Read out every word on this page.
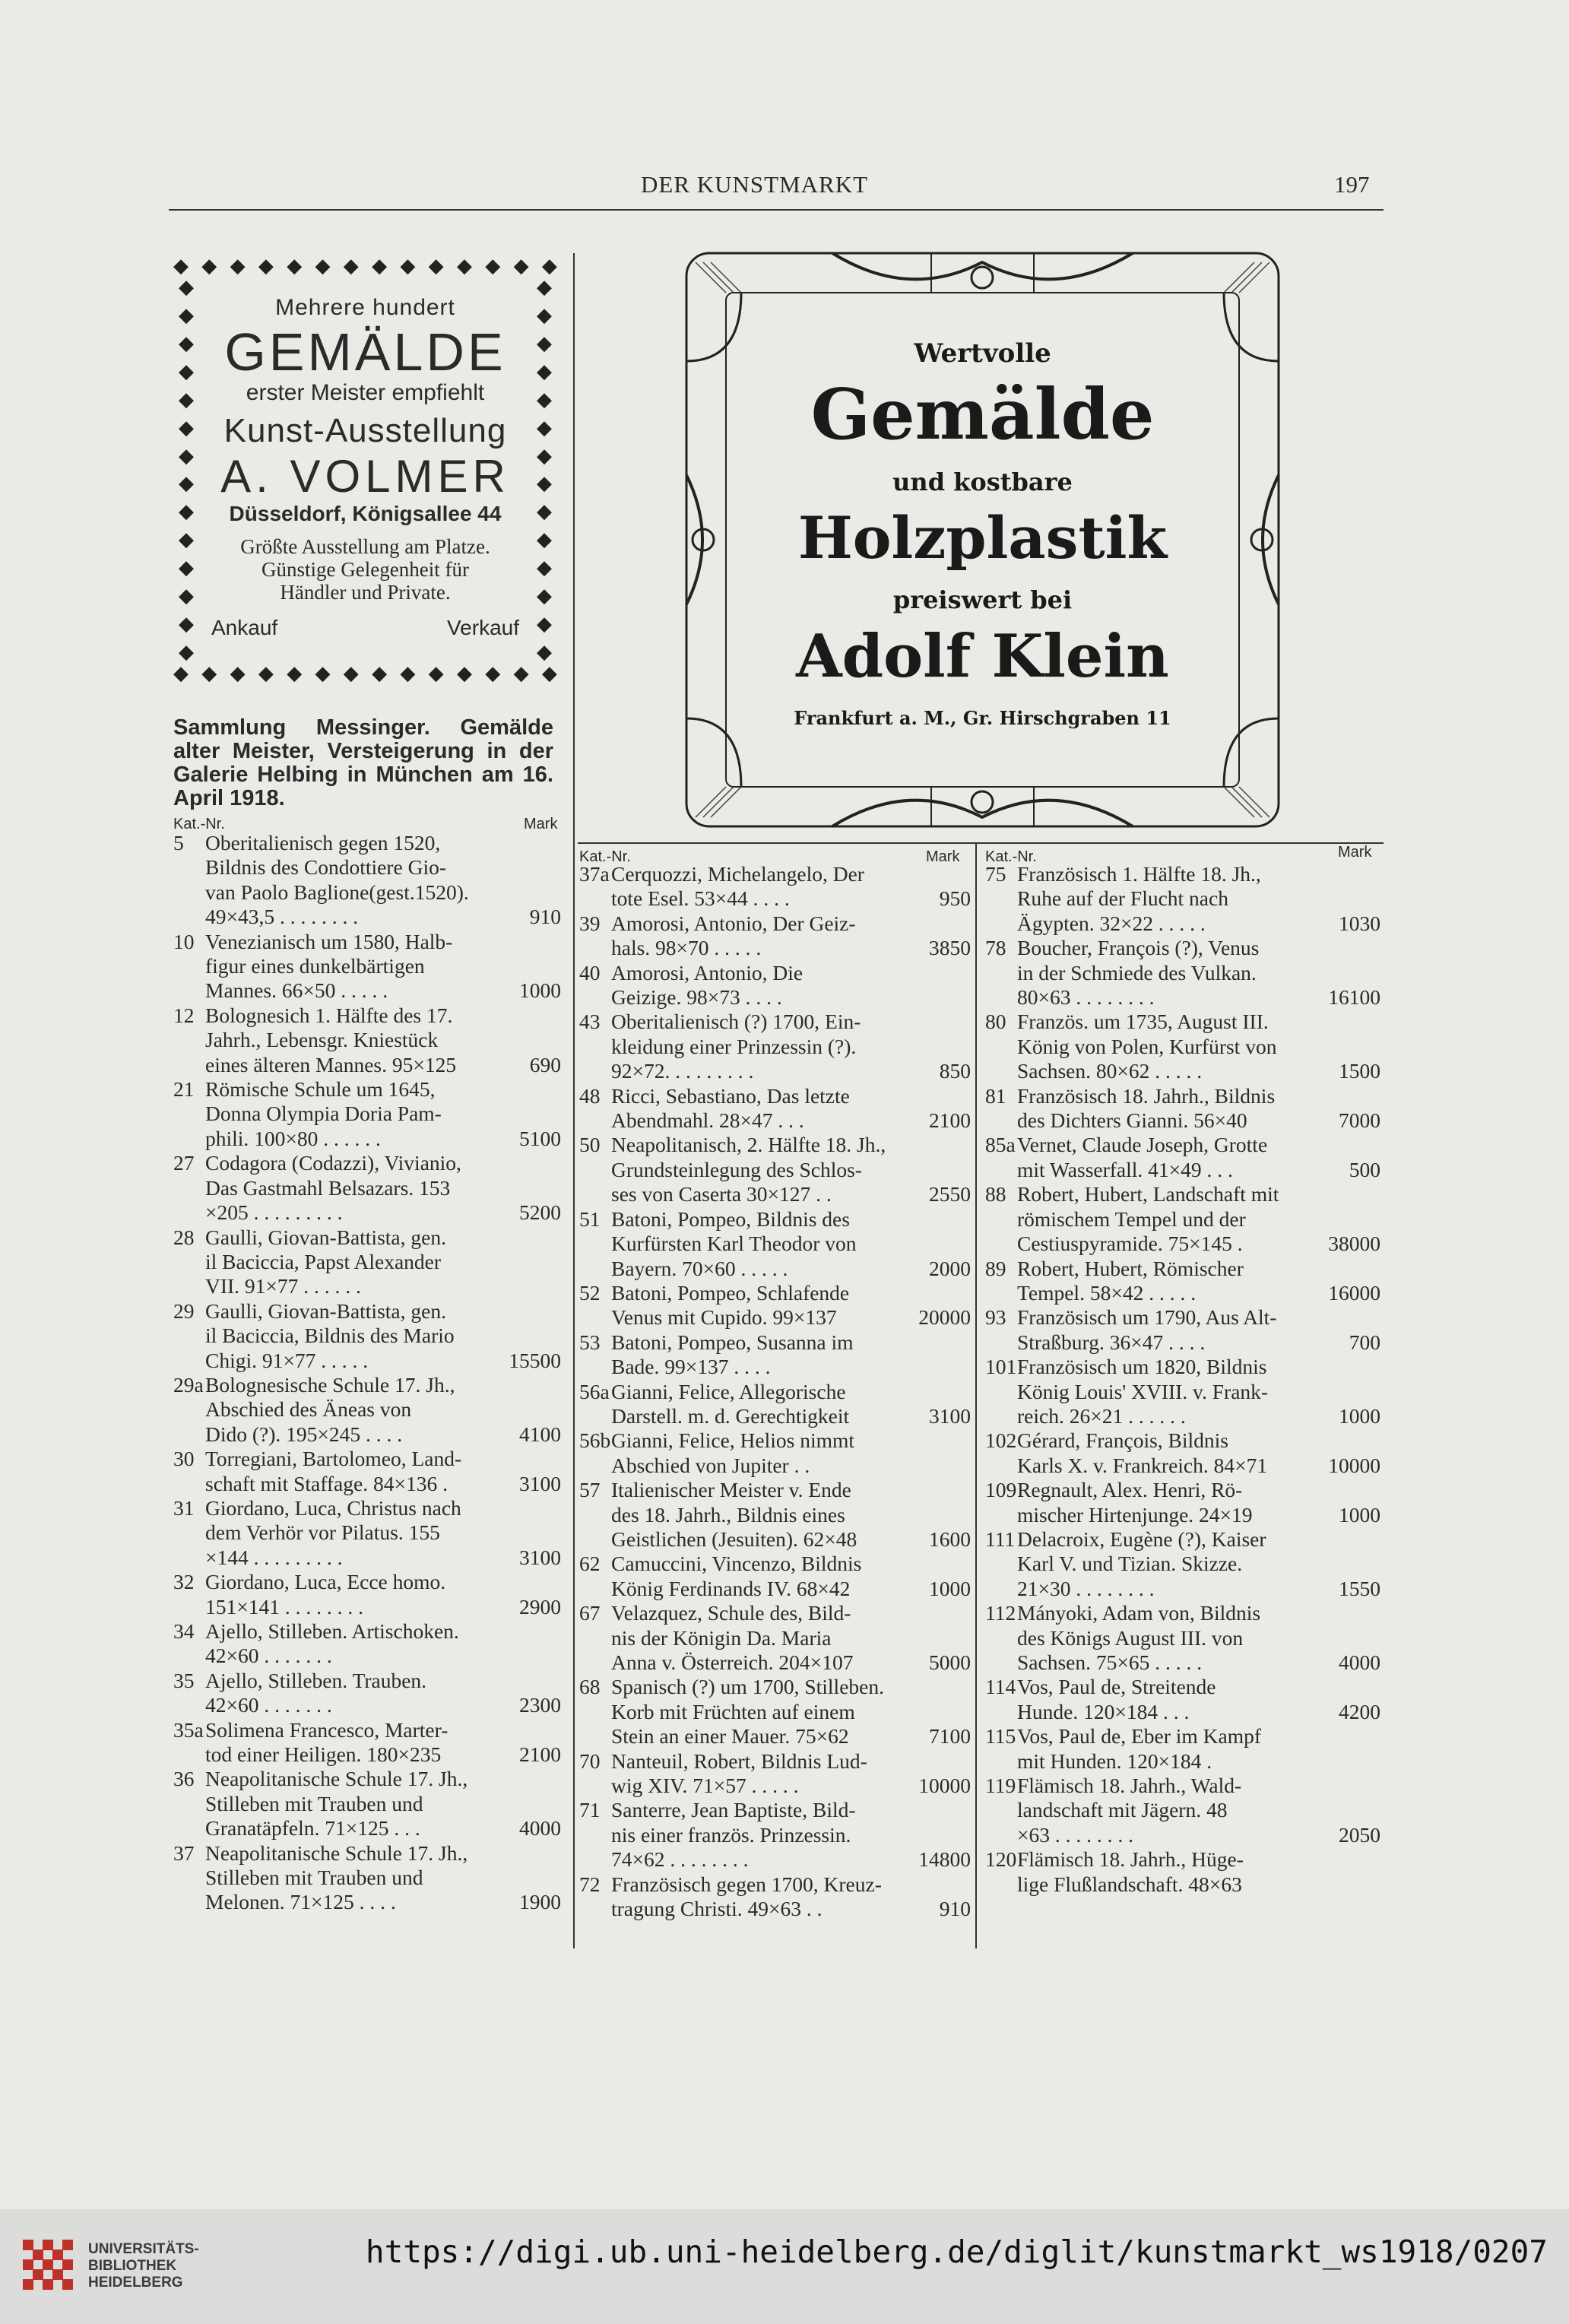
DER KUNSTMARKT	197
◆ ◆ ◆ ◆ ◆ ◆ ◆ ◆ ◆ ◆ ◆ ◆ ◆ ◆
◆ ◆ ◆ ◆ ◆ ◆ ◆ ◆ ◆ ◆ ◆ ◆ ◆ ◆
◆
◆
◆
◆
◆
◆
◆
◆
◆
◆
◆
◆
◆
◆
◆
◆
◆
◆
◆
◆
◆
◆
◆
◆
◆
◆
◆
◆
Mehrere hundert
GEMÄLDE
erster Meister empfiehlt
Kunst-Ausstellung
A. VOLMER
Düsseldorf, Königsallee 44
Größte Ausstellung am Platze.
Günstige Gelegenheit für
Händler und Private.
Ankauf	Verkauf
Wertvolle
Gemälde
und kostbare
Holzplastik
preiswert bei
Adolf Klein
Frankfurt a. M., Gr. Hirschgraben 11
Sammlung Messinger. Gemälde alter Meister, Versteigerung in der Galerie Helbing in München am 16. April 1918.
Kat.-Nr.	Mark
Kat.-Nr.	Mark Kat.-Nr.	Mark
5 Oberitalienisch gegen 1520,
Bildnis des Condottiere Gio-
van Paolo Baglione(gest.1520).
49×43,5 . . . . . . . .	910
10 Venezianisch um 1580, Halb-
figur eines dunkelbärtigen
Mannes. 66×50 . . . . .	1000
12 Bolognesich 1. Hälfte des 17.
Jahrh., Lebensgr. Kniestück
eines älteren Mannes. 95×125	690
21 Römische Schule um 1645,
Donna Olympia Doria Pam-
phili. 100×80 . . . . . .	5100
27 Codagora (Codazzi), Vivianio,
Das Gastmahl Belsazars. 153
×205 . . . . . . . . .	5200
28 Gaulli, Giovan-Battista, gen.
il Baciccia, Papst Alexander
VII. 91×77 . . . . . .
29 Gaulli, Giovan-Battista, gen.
il Baciccia, Bildnis des Mario
Chigi. 91×77 . . . . .	15500
29a Bolognesische Schule 17. Jh.,
Abschied des Äneas von
Dido (?). 195×245 . . . .	4100
30 Torregiani, Bartolomeo, Land-
schaft mit Staffage. 84×136 .	3100
31 Giordano, Luca, Christus nach
dem Verhör vor Pilatus. 155
×144 . . . . . . . . .	3100
32 Giordano, Luca, Ecce homo.
151×141 . . . . . . . .	2900
34 Ajello, Stilleben. Artischoken.
42×60 . . . . . . .
35 Ajello, Stilleben. Trauben.
42×60 . . . . . . .	2300
35a Solimena Francesco, Marter-
tod einer Heiligen. 180×235	2100
36 Neapolitanische Schule 17. Jh.,
Stilleben mit Trauben und
Granatäpfeln. 71×125 . . .	4000
37 Neapolitanische Schule 17. Jh.,
Stilleben mit Trauben und
Melonen. 71×125 . . . .	1900
37a Cerquozzi, Michelangelo, Der
tote Esel. 53×44 . . . .	950
39 Amorosi, Antonio, Der Geiz-
hals. 98×70 . . . . .	3850
40 Amorosi, Antonio, Die
Geizige. 98×73 . . . .
43 Oberitalienisch (?) 1700, Ein-
kleidung einer Prinzessin (?).
92×72. . . . . . . . .	850
48 Ricci, Sebastiano, Das letzte
Abendmahl. 28×47 . . .	2100
50 Neapolitanisch, 2. Hälfte 18. Jh.,
Grundsteinlegung des Schlos-
ses von Caserta 30×127 . .	2550
51 Batoni, Pompeo, Bildnis des
Kurfürsten Karl Theodor von
Bayern. 70×60 . . . . .	2000
52 Batoni, Pompeo, Schlafende
Venus mit Cupido. 99×137	20000
53 Batoni, Pompeo, Susanna im
Bade. 99×137 . . . .
56a Gianni, Felice, Allegorische
Darstell. m. d. Gerechtigkeit	3100
56b Gianni, Felice, Helios nimmt
Abschied von Jupiter . .
57 Italienischer Meister v. Ende
des 18. Jahrh., Bildnis eines
Geistlichen (Jesuiten). 62×48	1600
62 Camuccini, Vincenzo, Bildnis
König Ferdinands IV. 68×42	1000
67 Velazquez, Schule des, Bild-
nis der Königin Da. Maria
Anna v. Österreich. 204×107	5000
68 Spanisch (?) um 1700, Stilleben.
Korb mit Früchten auf einem
Stein an einer Mauer. 75×62	7100
70 Nanteuil, Robert, Bildnis Lud-
wig XIV. 71×57 . . . . .	10000
71 Santerre, Jean Baptiste, Bild-
nis einer französ. Prinzessin.
74×62 . . . . . . . .	14800
72 Französisch gegen 1700, Kreuz-
tragung Christi. 49×63 . .	910
75 Französisch 1. Hälfte 18. Jh.,
Ruhe auf der Flucht nach
Ägypten. 32×22 . . . . .	1030
78 Boucher, François (?), Venus
in der Schmiede des Vulkan.
80×63 . . . . . . . .	16100
80 Französ. um 1735, August III.
König von Polen, Kurfürst von
Sachsen. 80×62 . . . . .	1500
81 Französisch 18. Jahrh., Bildnis
des Dichters Gianni. 56×40	7000
85a Vernet, Claude Joseph, Grotte
mit Wasserfall. 41×49 . . .	500
88 Robert, Hubert, Landschaft mit
römischem Tempel und der
Cestiuspyramide. 75×145 .	38000
89 Robert, Hubert, Römischer
Tempel. 58×42 . . . . .	16000
93 Französisch um 1790, Aus Alt-
Straßburg. 36×47 . . . .	700
101 Französisch um 1820, Bildnis
König Louis' XVIII. v. Frank-
reich. 26×21 . . . . . .	1000
102 Gérard, François, Bildnis
Karls X. v. Frankreich. 84×71	10000
109 Regnault, Alex. Henri, Rö-
mischer Hirtenjunge. 24×19	1000
111 Delacroix, Eugène (?), Kaiser
Karl V. und Tizian. Skizze.
21×30 . . . . . . . .	1550
112 Mányoki, Adam von, Bildnis
des Königs August III. von
Sachsen. 75×65 . . . . .	4000
114 Vos, Paul de, Streitende
Hunde. 120×184 . . .	4200
115 Vos, Paul de, Eber im Kampf
mit Hunden. 120×184 .
119 Flämisch 18. Jahrh., Wald-
landschaft mit Jägern. 48
×63 . . . . . . . .	2050
120 Flämisch 18. Jahrh., Hüge-
lige Flußlandschaft. 48×63
UNIVERSITÄTS-
BIBLIOTHEK
HEIDELBERG
https://digi.ub.uni-heidelberg.de/diglit/kunstmarkt_ws1918/0207
